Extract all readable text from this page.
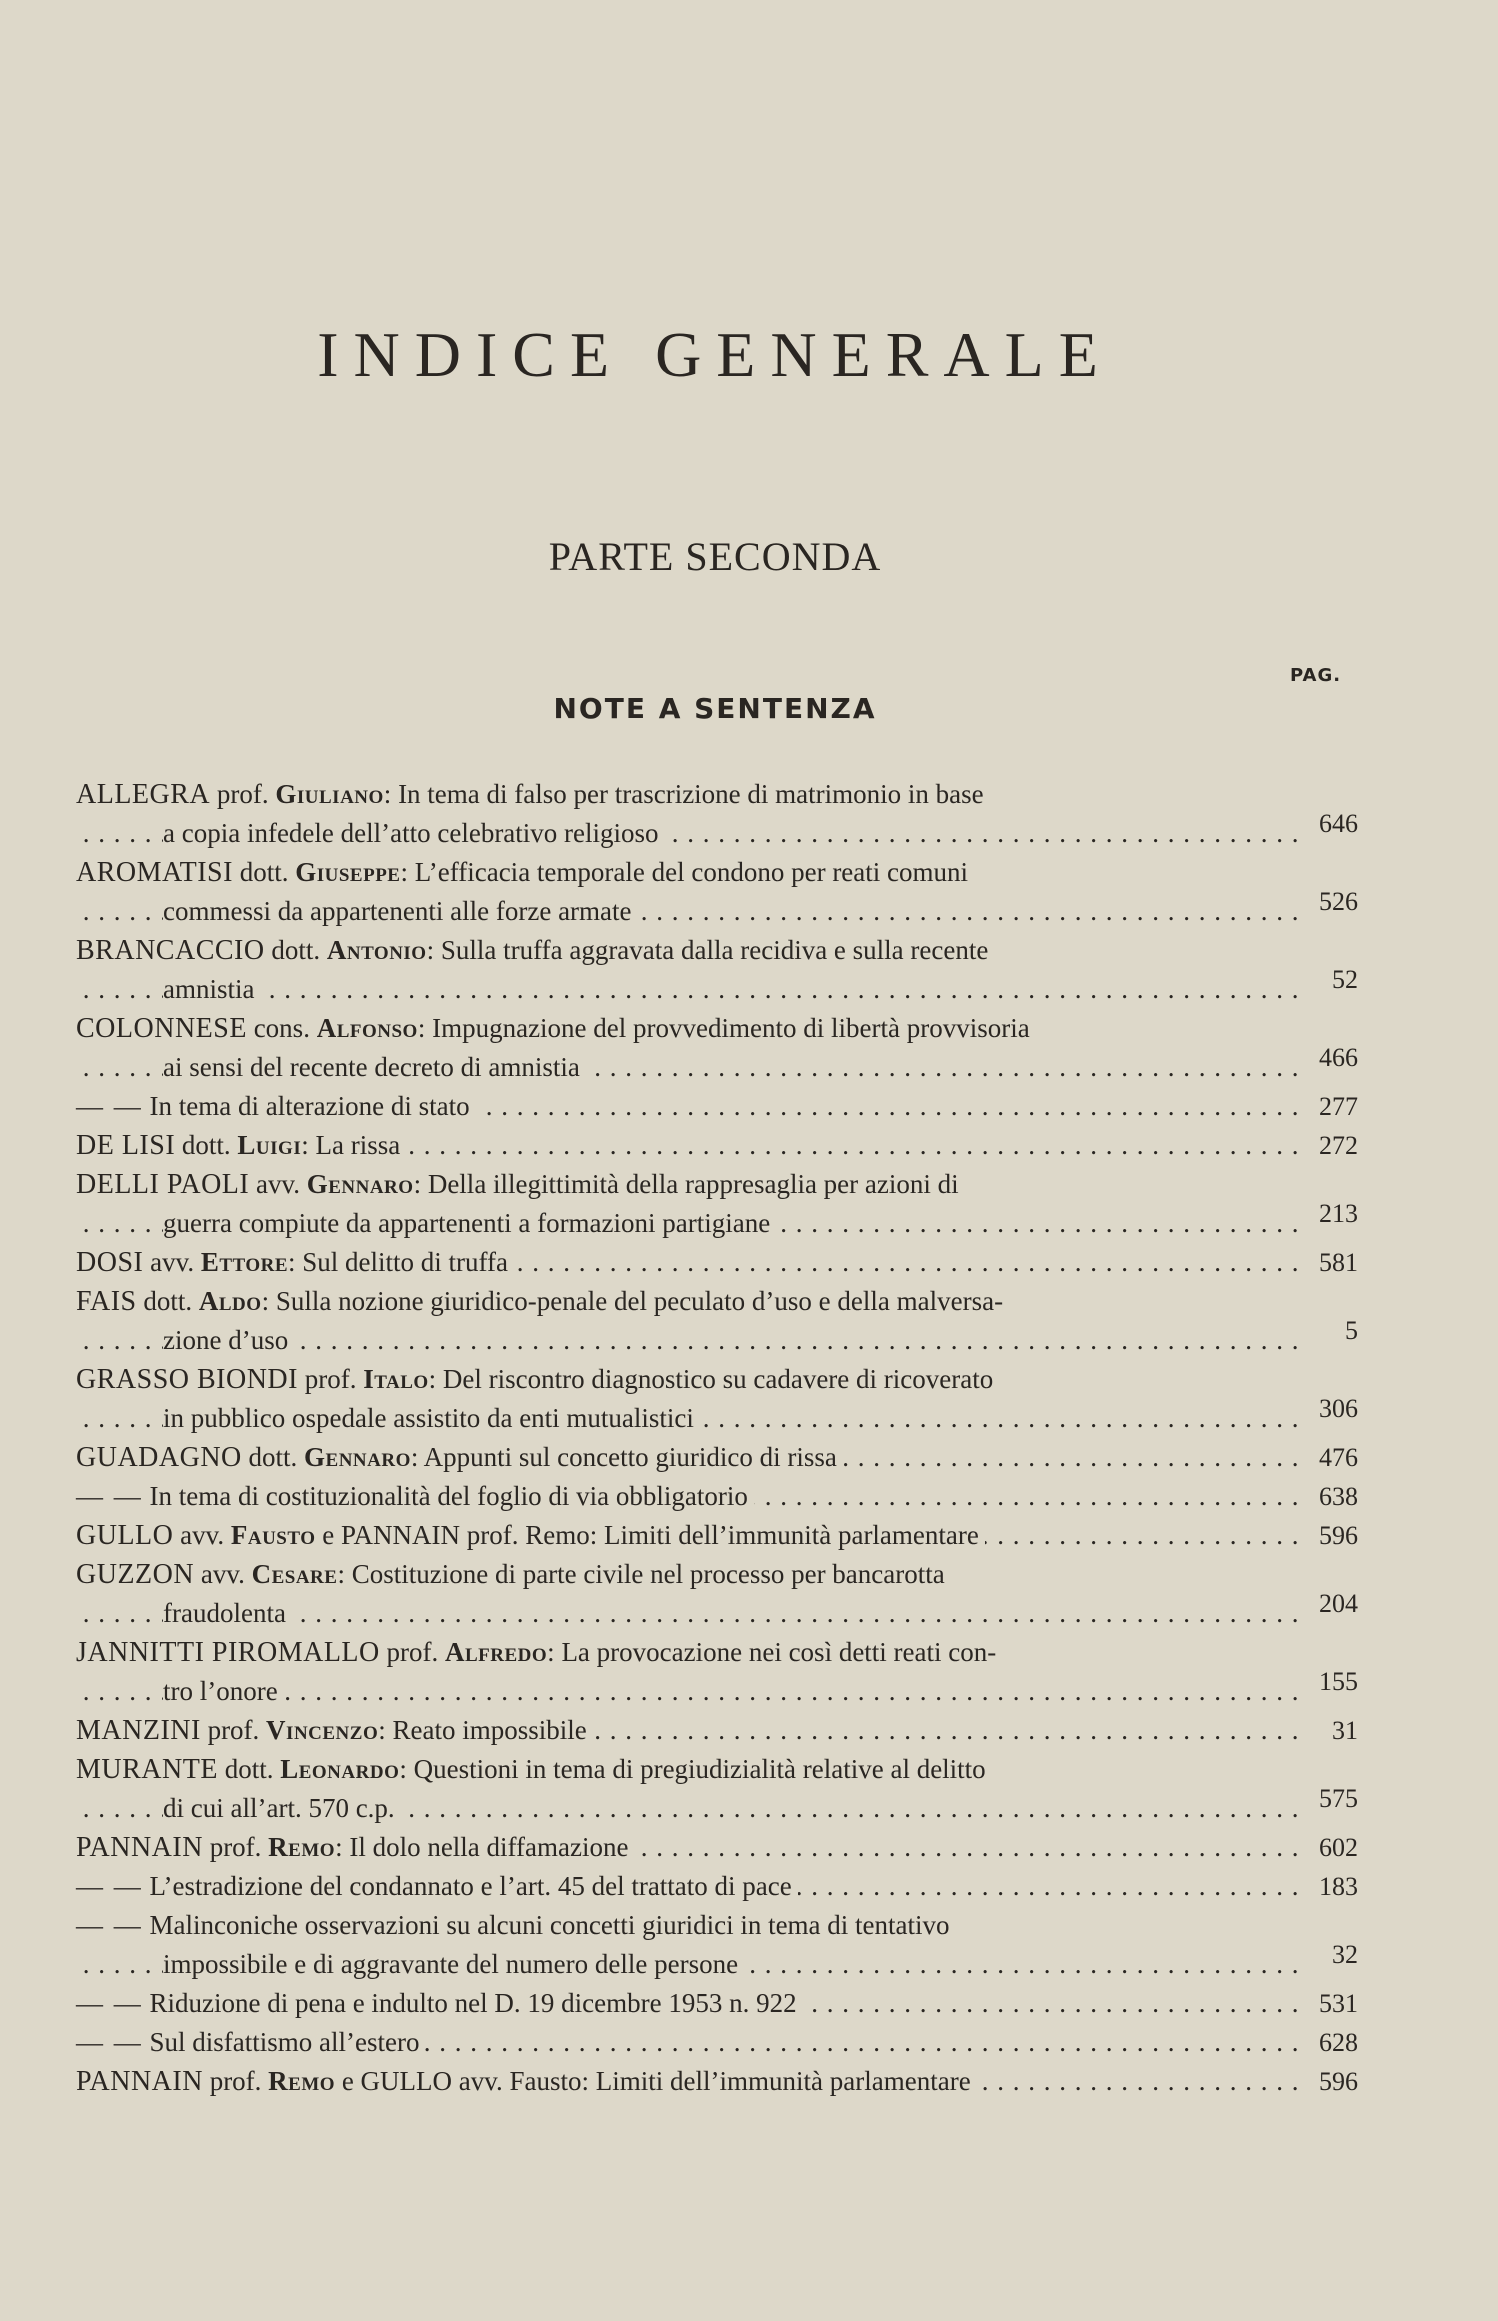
INDICE GENERALE
PARTE SECONDA
PAG.
NOTE A SENTENZA
ALLEGRA prof. Giuliano: In tema di falso per trascrizione di matrimonio in base
a copia infedele dell’atto celebrativo religioso	646
. . .
AROMATISI dott. Giuseppe: L’efficacia temporale del condono per reati comuni
commessi da appartenenti alle forze armate	526
. . .
BRANCACCIO dott. Antonio: Sulla truffa aggravata dalla recidiva e sulla recente
amnistia	52
. . .
COLONNESE cons. Alfonso: Impugnazione del provvedimento di libertà provvisoria
ai sensi del recente decreto di amnistia	466
. . .
— — In tema di alterazione di stato	277
. . .
DE LISI dott. Luigi: La rissa	272
. . .
DELLI PAOLI avv. Gennaro: Della illegittimità della rappresaglia per azioni di
guerra compiute da appartenenti a formazioni partigiane	213
. . .
DOSI avv. Ettore: Sul delitto di truffa	581
. . .
FAIS dott. Aldo: Sulla nozione giuridico-penale del peculato d’uso e della malversa-
zione d’uso	5
. . .
GRASSO BIONDI prof. Italo: Del riscontro diagnostico su cadavere di ricoverato
in pubblico ospedale assistito da enti mutualistici	306
. . .
GUADAGNO dott. Gennaro: Appunti sul concetto giuridico di rissa	476
. . .
— — In tema di costituzionalità del foglio di via obbligatorio	638
. . .
GULLO avv. Fausto e PANNAIN prof. Remo: Limiti dell’immunità parlamentare	596
. . .
GUZZON avv. Cesare: Costituzione di parte civile nel processo per bancarotta
fraudolenta	204
. . .
JANNITTI PIROMALLO prof. Alfredo: La provocazione nei così detti reati con-
tro l’onore	155
. . .
MANZINI prof. Vincenzo: Reato impossibile	31
. . .
MURANTE dott. Leonardo: Questioni in tema di pregiudizialità relative al delitto
di cui all’art. 570 c.p.	575
. . .
PANNAIN prof. Remo: Il dolo nella diffamazione	602
. . .
— — L’estradizione del condannato e l’art. 45 del trattato di pace	183
. . .
— — Malinconiche osservazioni su alcuni concetti giuridici in tema di tentativo
impossibile e di aggravante del numero delle persone	32
. . .
— — Riduzione di pena e indulto nel D. 19 dicembre 1953 n. 922	531
. . .
— — Sul disfattismo all’estero	628
. . .
PANNAIN prof. Remo e GULLO avv. Fausto: Limiti dell’immunità parlamentare	596
. . .
